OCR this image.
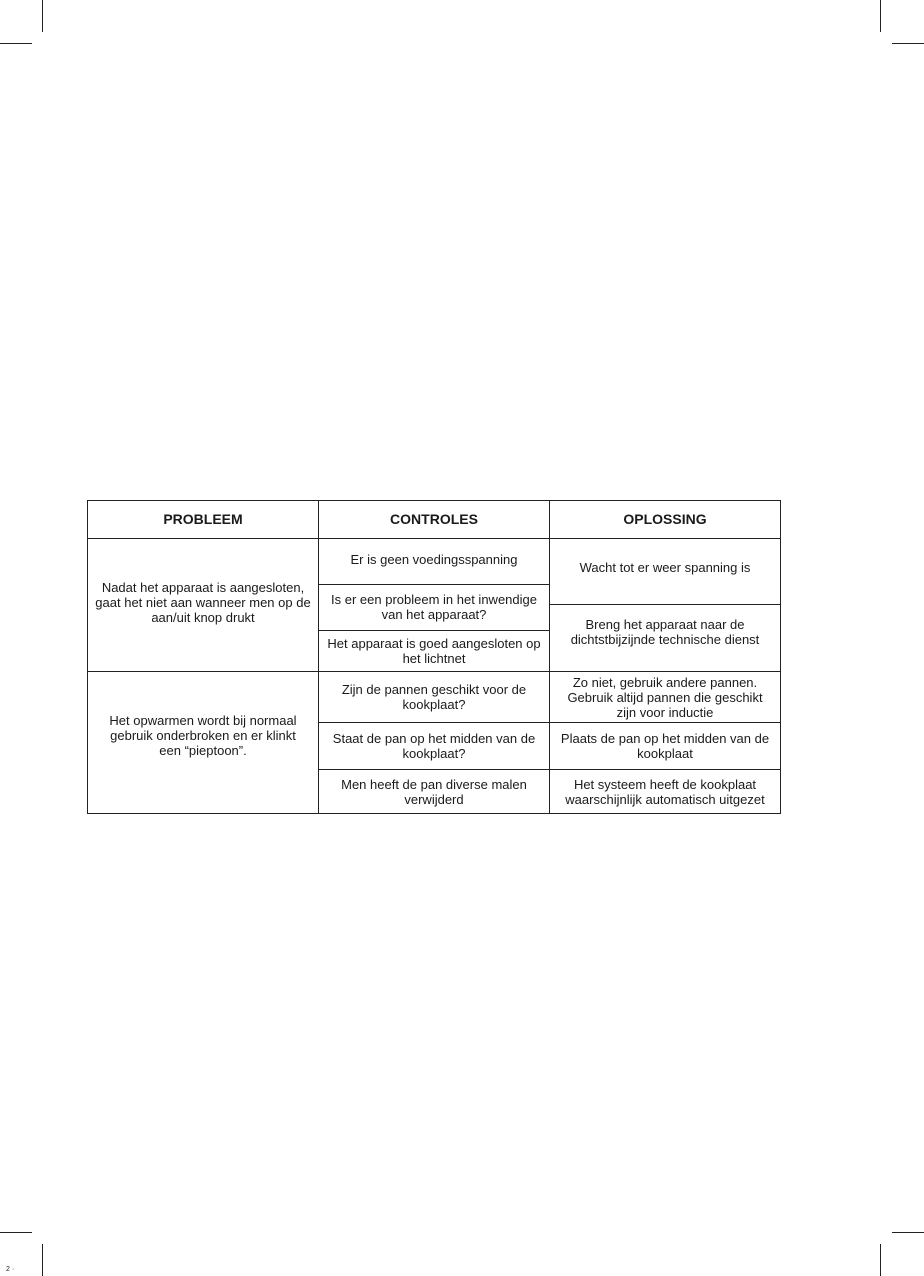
2 ·
PROBLEEM	CONTROLES	OPLOSSING
Nadat het apparaat is aangesloten, gaat het niet aan wanneer men op de aan/uit knop drukt
Er is geen voedingsspanning
Is er een probleem in het inwendige van het apparaat?
Het apparaat is goed aangesloten op het lichtnet
Wacht tot er weer spanning is
Breng het apparaat naar de dichtstbijzijnde technische dienst
Het opwarmen wordt bij normaal gebruik onderbroken en er klinkt een “pieptoon”.
Zijn de pannen geschikt voor de kookplaat?
Staat de pan op het midden van de kookplaat?
Men heeft de pan diverse malen verwijderd
Zo niet, gebruik andere pannen. Gebruik altijd pannen die geschikt zijn voor inductie
Plaats de pan op het midden van de kookplaat
Het systeem heeft de kookplaat waarschijnlijk automatisch uitgezet
